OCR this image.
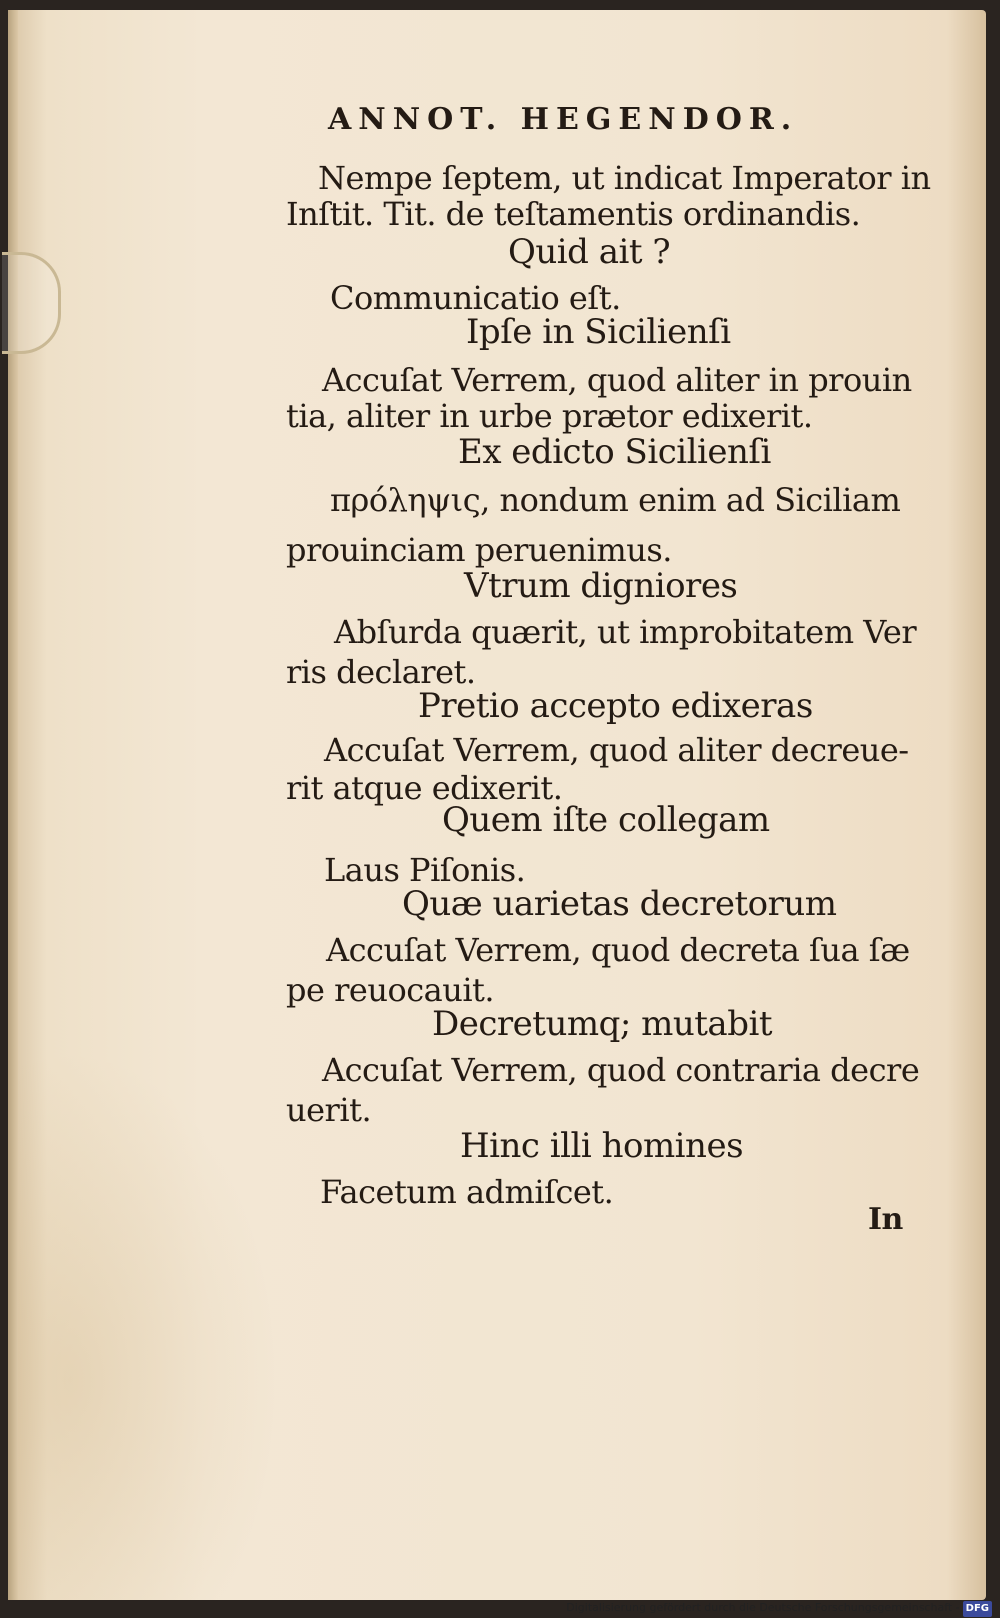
ANNOT. HEGENDOR.
Nempe ſeptem, ut indicat Imperator in
Inſtit. Tit. de teſtamentis ordinandis.
Quid ait ?
Communicatio eſt.
Ipſe in Sicilienſi
Accuſat Verrem, quod aliter in prouin
tia, aliter in urbe prætor edixerit.
Ex edicto Sicilienſi
πρόληψις, nondum enim ad Siciliam
prouinciam peruenimus.
Vtrum digniores
Abſurda quærit, ut improbitatem Ver
ris declaret.
Pretio accepto edixeras
Accuſat Verrem, quod aliter decreue-
rit atque edixerit.
Quem iſte collegam
Laus Piſonis.
Quæ uarietas decretorum
Accuſat Verrem, quod decreta ſua ſæ
pe reuocauit.
Decretumq; mutabit
Accuſat Verrem, quod contraria decre
uerit.
Hinc illi homines
Facetum admiſcet.
In
Digitalisierung gefördert durch die Deutsche Forschungsgemeinschaft - DFG
